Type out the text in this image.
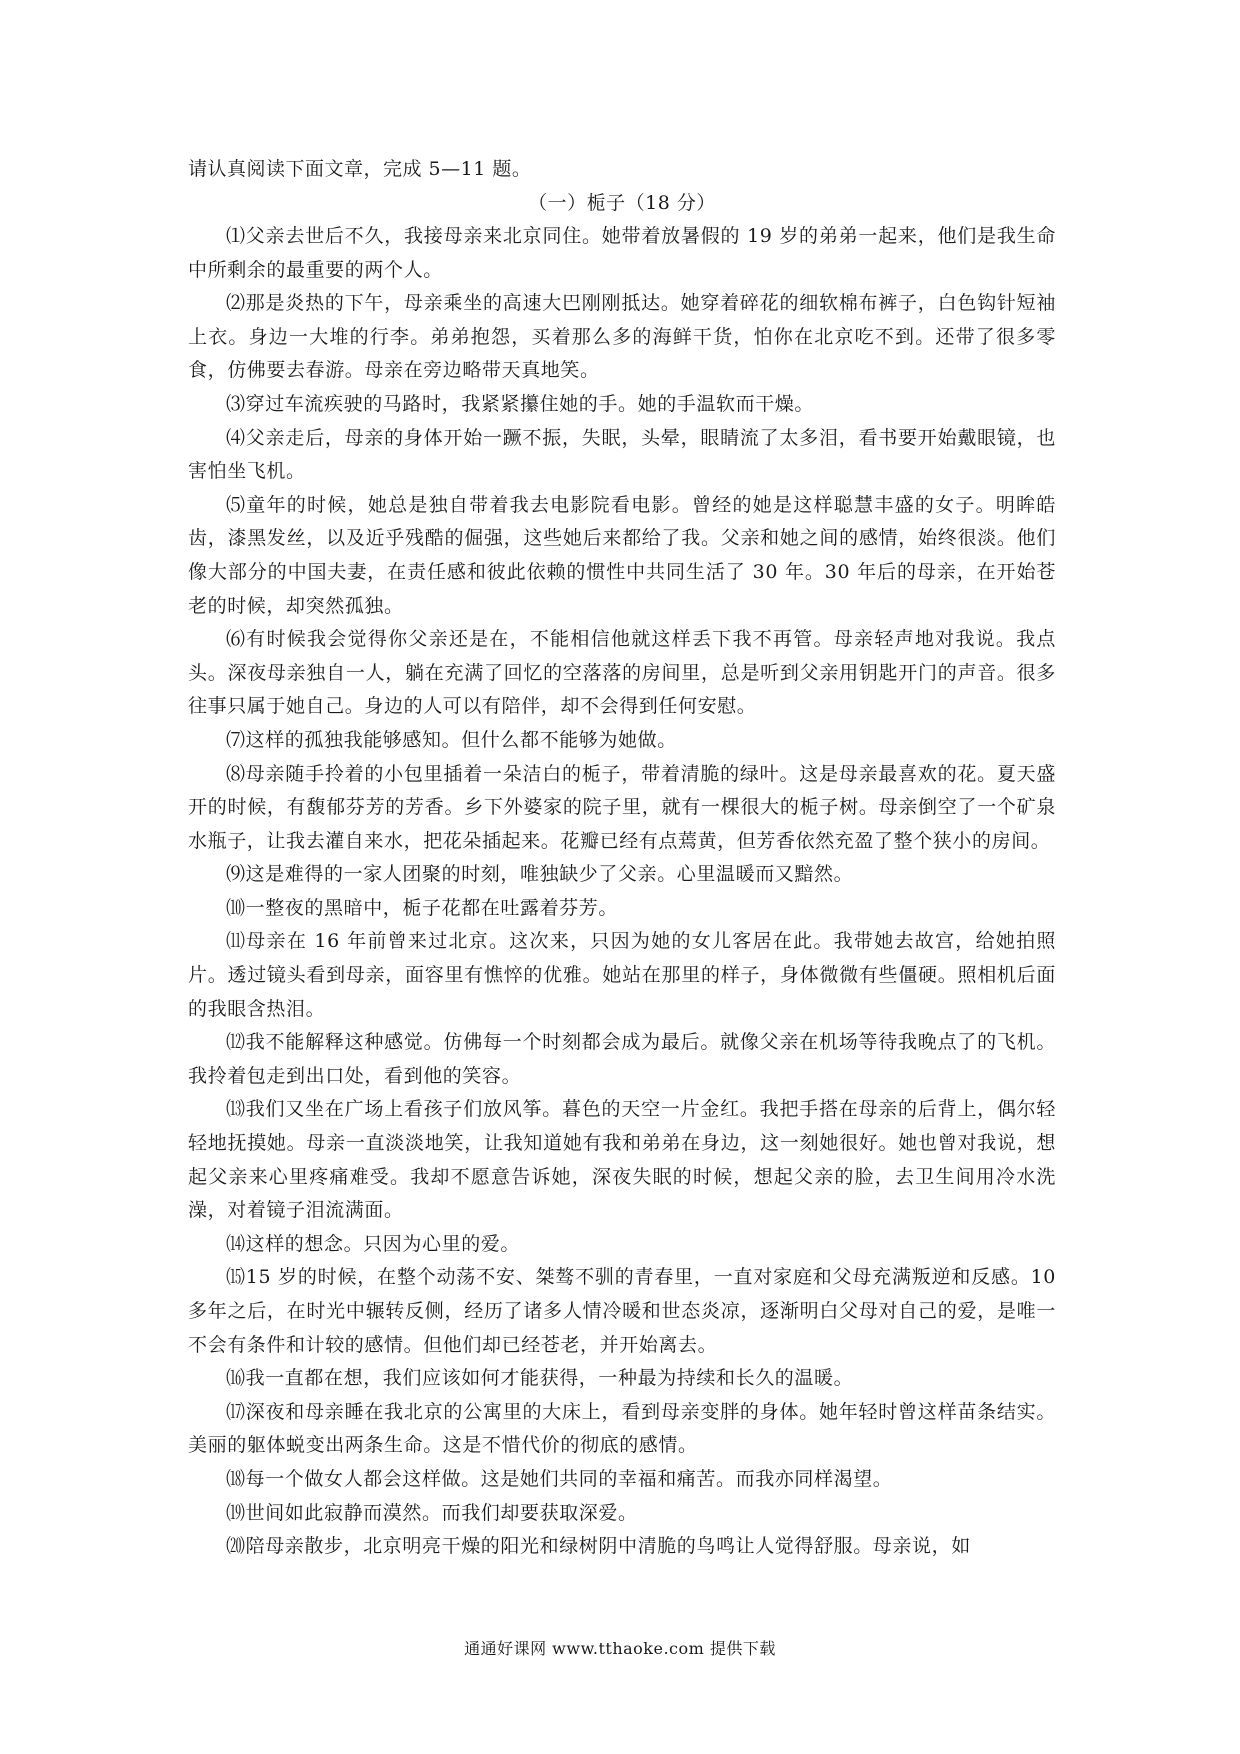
请认真阅读下面文章，完成 5—11 题。

（一）栀子（18 分）

⑴父亲去世后不久，我接母亲来北京同住。她带着放暑假的 19 岁的弟弟一起来，他们是我生命中所剩余的最重要的两个人。

⑵那是炎热的下午，母亲乘坐的高速大巴刚刚抵达。她穿着碎花的细软棉布裤子，白色钩针短袖上衣。身边一大堆的行李。弟弟抱怨，买着那么多的海鲜干货，怕你在北京吃不到。还带了很多零食，仿佛要去春游。母亲在旁边略带天真地笑。

⑶穿过车流疾驶的马路时，我紧紧攥住她的手。她的手温软而干燥。

⑷父亲走后，母亲的身体开始一蹶不振，失眠，头晕，眼睛流了太多泪，看书要开始戴眼镜，也害怕坐飞机。

⑸童年的时候，她总是独自带着我去电影院看电影。曾经的她是这样聪慧丰盛的女子。明眸皓齿，漆黑发丝，以及近乎残酷的倔强，这些她后来都给了我。父亲和她之间的感情，始终很淡。他们像大部分的中国夫妻，在责任感和彼此依赖的惯性中共同生活了 30 年。30 年后的母亲，在开始苍老的时候，却突然孤独。

⑹有时候我会觉得你父亲还是在，不能相信他就这样丢下我不再管。母亲轻声地对我说。我点头。深夜母亲独自一人，躺在充满了回忆的空落落的房间里，总是听到父亲用钥匙开门的声音。很多往事只属于她自己。身边的人可以有陪伴，却不会得到任何安慰。

⑺这样的孤独我能够感知。但什么都不能够为她做。

⑻母亲随手拎着的小包里插着一朵洁白的栀子，带着清脆的绿叶。这是母亲最喜欢的花。夏天盛开的时候，有馥郁芬芳的芳香。乡下外婆家的院子里，就有一棵很大的栀子树。母亲倒空了一个矿泉水瓶子，让我去灌自来水，把花朵插起来。花瓣已经有点蔫黄，但芳香依然充盈了整个狭小的房间。

⑼这是难得的一家人团聚的时刻，唯独缺少了父亲。心里温暖而又黯然。

⑽一整夜的黑暗中，栀子花都在吐露着芬芳。

⑾母亲在 16 年前曾来过北京。这次来，只因为她的女儿客居在此。我带她去故宫，给她拍照片。透过镜头看到母亲，面容里有憔悴的优雅。她站在那里的样子，身体微微有些僵硬。照相机后面的我眼含热泪。

⑿我不能解释这种感觉。仿佛每一个时刻都会成为最后。就像父亲在机场等待我晚点了的飞机。我拎着包走到出口处，看到他的笑容。

⒀我们又坐在广场上看孩子们放风筝。暮色的天空一片金红。我把手搭在母亲的后背上，偶尔轻轻地抚摸她。母亲一直淡淡地笑，让我知道她有我和弟弟在身边，这一刻她很好。她也曾对我说，想起父亲来心里疼痛难受。我却不愿意告诉她，深夜失眠的时候，想起父亲的脸，去卫生间用冷水洗澡，对着镜子泪流满面。

⒁这样的想念。只因为心里的爱。

⒂15 岁的时候，在整个动荡不安、桀骜不驯的青春里，一直对家庭和父母充满叛逆和反感。10 多年之后，在时光中辗转反侧，经历了诸多人情冷暖和世态炎凉，逐渐明白父母对自己的爱，是唯一不会有条件和计较的感情。但他们却已经苍老，并开始离去。

⒃我一直都在想，我们应该如何才能获得，一种最为持续和长久的温暖。

⒄深夜和母亲睡在我北京的公寓里的大床上，看到母亲变胖的身体。她年轻时曾这样苗条结实。美丽的躯体蜕变出两条生命。这是不惜代价的彻底的感情。

⒅每一个做女人都会这样做。这是她们共同的幸福和痛苦。而我亦同样渴望。

⒆世间如此寂静而漠然。而我们却要获取深爱。

⒇陪母亲散步，北京明亮干燥的阳光和绿树阴中清脆的鸟鸣让人觉得舒服。母亲说，如

通通好课网 www.tthaoke.com 提供下载
